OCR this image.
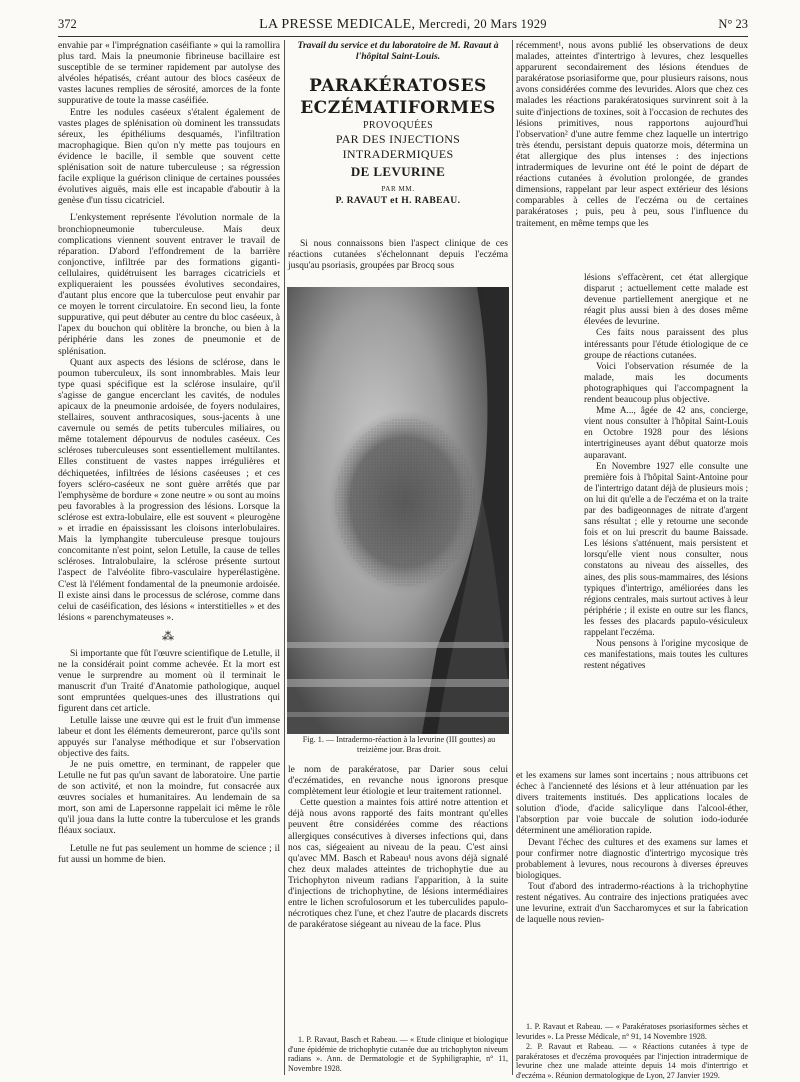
372	LA PRESSE MEDICALE, Mercredi, 20 Mars 1929	N° 23

envahie par « l'imprégnation caséifiante » qui la ramollira plus tard. Mais la pneumonie fibrineuse bacillaire est susceptible de se terminer rapidement par autolyse des alvéoles hépatisés, créant autour des blocs caséeux de vastes lacunes remplies de sérosité, amorces de la fonte suppurative de toute la masse caséifiée.

Entre les nodules caséeux s'étalent également de vastes plages de splénisation où dominent les transsudats séreux, les épithéliums desquamés, l'infiltration macrophagique. Bien qu'on n'y mette pas toujours en évidence le bacille, il semble que souvent cette splénisation soit de nature tuberculeuse ; sa régression facile explique la guérison clinique de certaines poussées évolutives aiguës, mais elle est incapable d'aboutir à la genèse d'un tissu cicatriciel.

L'enkystement représente l'évolution normale de la bronchiopneumonie tuberculeuse. Mais deux complications viennent souvent entraver le travail de réparation. D'abord l'effondrement de la barrière conjonctive, infiltrée par des formations giganti-cellulaires, quidétruisent les barrages cicatriciels et expliqueraient les poussées évolutives secondaires, d'autant plus encore que la tuberculose peut envahir par ce moyen le torrent circulatoire. En second lieu, la fonte suppurative, qui peut débuter au centre du bloc caséeux, à l'apex du bouchon qui oblitère la bronche, ou bien à la périphérie dans les zones de pneumonie et de splénisation.

Quant aux aspects des lésions de sclérose, dans le poumon tuberculeux, ils sont innombrables. Mais leur type quasi spécifique est la sclérose insulaire, qu'il s'agisse de gangue encerclant les cavités, de nodules apicaux de la pneumonie ardoisée, de foyers nodulaires, stellaires, souvent anthracosiques, sous-jacents à une cavernule ou semés de petits tubercules miliaires, ou même totalement dépourvus de nodules caséeux. Ces scléroses tuberculeuses sont essentiellement multilantes. Elles constituent de vastes nappes irrégulières et déchiquetées, infiltrées de lésions caséeuses ; et ces foyers scléro-caséeux ne sont guère arrêtés que par l'emphysème de bordure « zone neutre » ou sont au moins peu favorables à la progression des lésions. Lorsque la sclérose est extra-lobulaire, elle est souvent « pleurogène » et irradie en épaississant les cloisons interlobulaires. Mais la lymphangite tuberculeuse presque toujours concomitante n'est point, selon Letulle, la cause de telles scléroses. Intralobulaire, la sclérose présente surtout l'aspect de l'alvéolite fibro-vasculaire hyperélastigène. C'est là l'élément fondamental de la pneumonie ardoisée. Il existe ainsi dans le processus de sclérose, comme dans celui de caséification, des lésions « interstitielles » et des lésions « parenchymateuses ».

⁂

Si importante que fût l'œuvre scientifique de Letulle, il ne la considérait point comme achevée. Et la mort est venue le surprendre au moment où il terminait le manuscrit d'un Traité d'Anatomie pathologique, auquel sont empruntées quelques-unes des illustrations qui figurent dans cet article.

Letulle laisse une œuvre qui est le fruit d'un immense labeur et dont les éléments demeureront, parce qu'ils sont appuyés sur l'analyse méthodique et sur l'observation objective des faits.

Je ne puis omettre, en terminant, de rappeler que Letulle ne fut pas qu'un savant de laboratoire. Une partie de son activité, et non la moindre, fut consacrée aux œuvres sociales et humanitaires. Au lendemain de sa mort, son ami de Lapersonne rappelait ici même le rôle qu'il joua dans la lutte contre la tuberculose et les grands fléaux sociaux.

Letulle ne fut pas seulement un homme de science ; il fut aussi un homme de bien.

Travail du service et du laboratoire de M. Ravaut à l'hôpital Saint-Louis.
PARAKÉRATOSES
ECZÉMATIFORMES
PROVOQUÉES
PAR DES INJECTIONS INTRADERMIQUES
DE LEVURINE
PAR MM.
P. RAVAUT et H. RABEAU.

Si nous connaissons bien l'aspect clinique de ces réactions cutanées s'échelonnant depuis l'eczéma jusqu'au psoriasis, groupées par Brocq sous

Fig. 1. — Intradermo-réaction à la levurine (III gouttes) au treizième jour. Bras droit.

le nom de parakératose, par Darier sous celui d'eczématides, en revanche nous ignorons presque complètement leur étiologie et leur traitement rationnel.

Cette question a maintes fois attiré notre attention et déjà nous avons rapporté des faits montrant qu'elles peuvent être considérées comme des réactions allergiques consécutives à diverses infections qui, dans nos cas, siégeaient au niveau de la peau. C'est ainsi qu'avec MM. Basch et Rabeau¹ nous avons déjà signalé chez deux malades atteintes de trichophytie due au Trichophyton niveum radians l'apparition, à la suite d'injections de trichophytine, de lésions intermédiaires entre le lichen scrofulosorum et les tuberculides papulo-nécrotiques chez l'une, et chez l'autre de placards discrets de parakératose siégeant au niveau de la face. Plus

1. P. Ravaut, Basch et Rabeau. — « Etude clinique et biologique d'une épidémie de trichophytie cutanée due au trichophyton niveum radians ». Ann. de Dermatologie et de Syphiligraphie, n° 11, Novembre 1928.

récemment¹, nous avons publié les observations de deux malades, atteintes d'intertrigo à levures, chez lesquelles apparurent secondairement des lésions étendues de parakératose psoriasiforme que, pour plusieurs raisons, nous avons considérées comme des levurides. Alors que chez ces malades les réactions parakératosiques survinrent soit à la suite d'injections de toxines, soit à l'occasion de rechutes des lésions primitives, nous rapportons aujourd'hui l'observation² d'une autre femme chez laquelle un intertrigo très étendu, persistant depuis quatorze mois, détermina un état allergique des plus intenses : des injections intradermiques de levurine ont été le point de départ de réactions cutanées à évolution prolongée, de grandes dimensions, rappelant par leur aspect extérieur des lésions comparables à celles de l'eczéma ou de certaines parakératoses ; puis, peu à peu, sous l'influence du traitement, en même temps que les

lésions s'effacèrent, cet état allergique disparut ; actuellement cette malade est devenue partiellement anergique et ne réagit plus aussi bien à des doses même élevées de levurine.

Ces faits nous paraissent des plus intéressants pour l'étude étiologique de ce groupe de réactions cutanées.

Voici l'observation résumée de la malade, mais les documents photographiques qui l'accompagnent la rendent beaucoup plus objective.

Mme A..., âgée de 42 ans, concierge, vient nous consulter à l'hôpital Saint-Louis en Octobre 1928 pour des lésions intertrigineuses ayant début quatorze mois auparavant.

En Novembre 1927 elle consulte une première fois à l'hôpital Saint-Antoine pour de l'intertrigo datant déjà de plusieurs mois ; on lui dit qu'elle a de l'eczéma et on la traite par des badigeonnages de nitrate d'argent sans résultat ; elle y retourne une seconde fois et on lui prescrit du baume Baissade. Les lésions s'atténuent, mais persistent et lorsqu'elle vient nous consulter, nous constatons au niveau des aisselles, des aines, des plis sous-mammaires, des lésions typiques d'intertrigo, améliorées dans les régions centrales, mais surtout actives à leur périphérie ; il existe en outre sur les flancs, les fesses des placards papulo-vésiculeux rappelant l'eczéma.

Nous pensons à l'origine mycosique de ces manifestations, mais toutes les cultures restent négatives

et les examens sur lames sont incertains ; nous attribuons cet échec à l'ancienneté des lésions et à leur atténuation par les divers traitements institués. Des applications locales de solution d'iode, d'acide salicylique dans l'alcool-éther, l'absorption par voie buccale de solution iodo-iodurée déterminent une amélioration rapide.

Devant l'échec des cultures et des examens sur lames et pour confirmer notre diagnostic d'intertrigo mycosique très probablement à levures, nous recourons à diverses épreuves biologiques.

Tout d'abord des intradermo-réactions à la trichophytine restent négatives. Au contraire des injections pratiquées avec une levurine, extrait d'un Saccharomyces et sur la fabrication de laquelle nous revien-

1. P. Ravaut et Rabeau. — « Parakératoses psoriasiformes sèches et levurides ». La Presse Médicale, n° 91, 14 Novembre 1928.

2. P. Ravaut et Rabeau. — « Réactions cutanées à type de parakératoses et d'eczéma provoquées par l'injection intradermique de levurine chez une malade atteinte depuis 14 mois d'intertrigo et d'eczéma ». Réunion dermatologique de Lyon, 27 Janvier 1929.
